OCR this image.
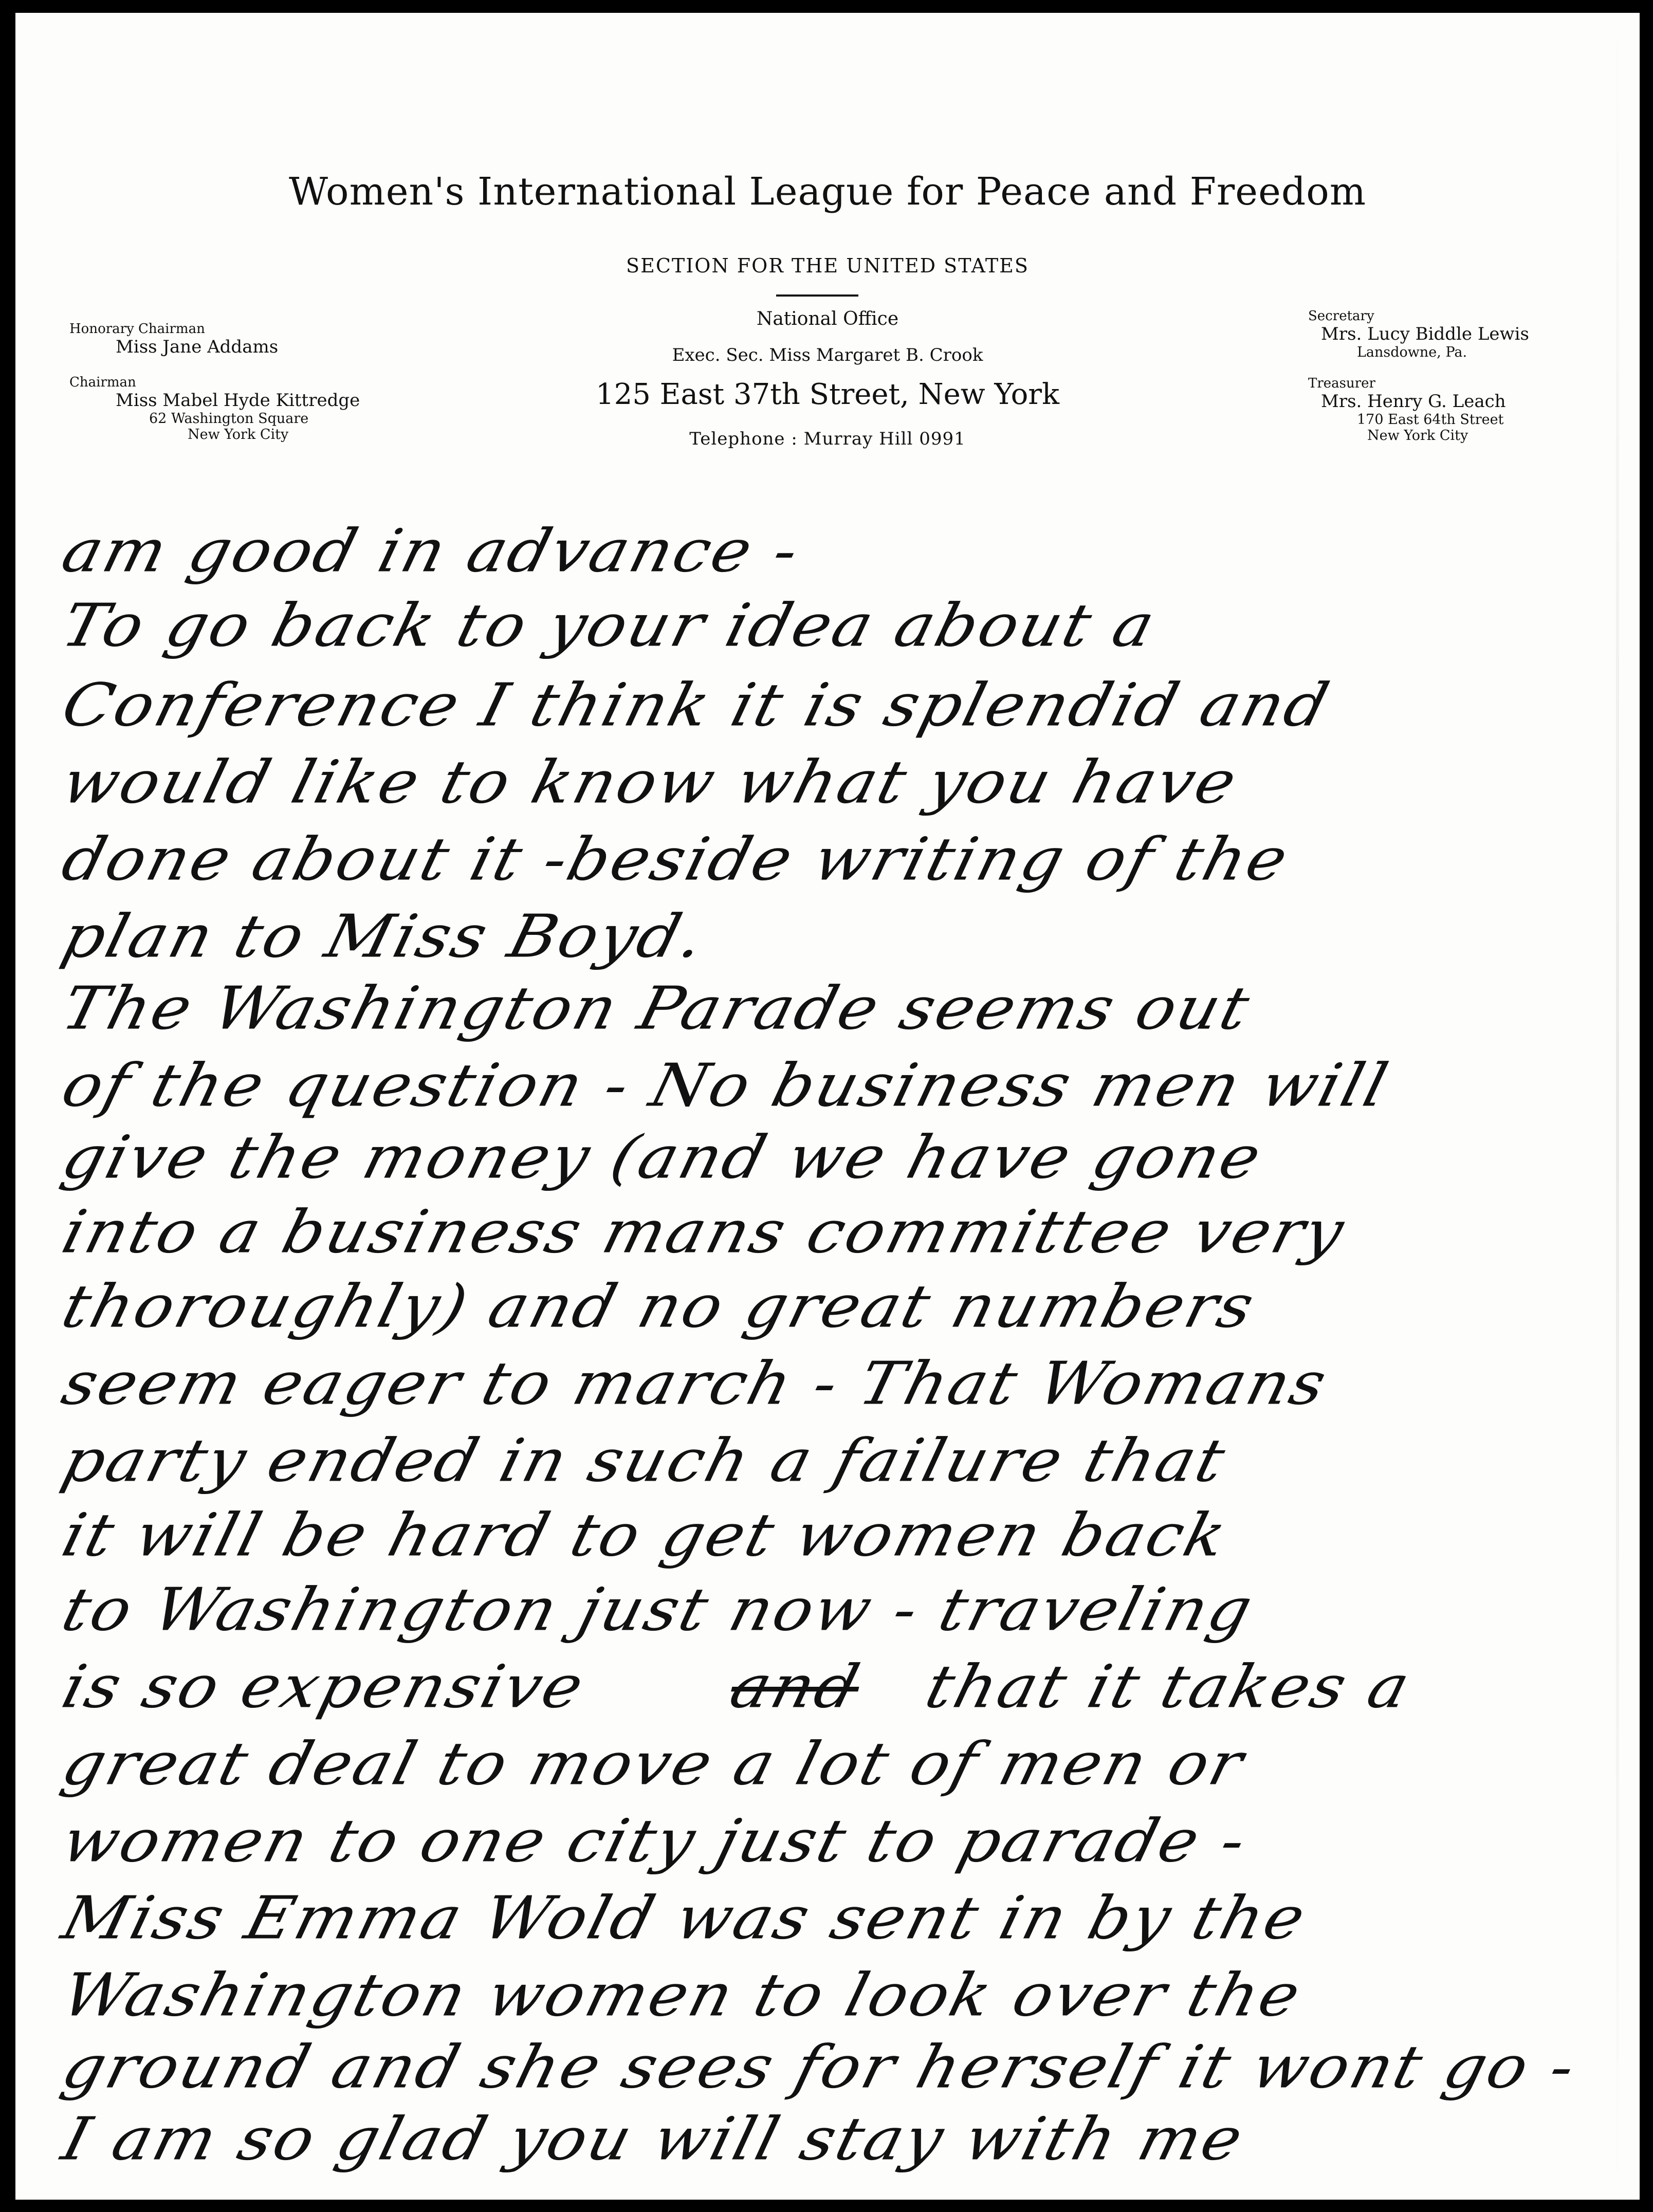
Women's International League for Peace and Freedom
SECTION FOR THE UNITED STATES
Honorary Chairman
Miss Jane Addams
Chairman
Miss Mabel Hyde Kittredge
62 Washington Square
New York City
National Office
Exec. Sec. Miss Margaret B. Crook
125 East 37th Street, New York
Telephone : Murray Hill 0991
Secretary
Mrs. Lucy Biddle Lewis
Lansdowne, Pa.
Treasurer
Mrs. Henry G. Leach
170 East 64th Street
New York City
am good in advance -
To go back to your idea about a
Conference I think it is splendid and
would like to know what you have
done about it -beside writing of the
plan to Miss Boyd.
The Washington Parade seems out
of the question - No business men will
give the money (and we have gone
into a business mans committee very
thoroughly) and no great numbers
seem eager to march - That Womans
party ended in such a failure that
it will be hard to get women back
to Washington just now - traveling
is so expensive and that it takes a
great deal to move a lot of men or
women to one city just to parade -
Miss Emma Wold was sent in by the
Washington women to look over the
ground and she sees for herself it wont go -
I am so glad you will stay with me
